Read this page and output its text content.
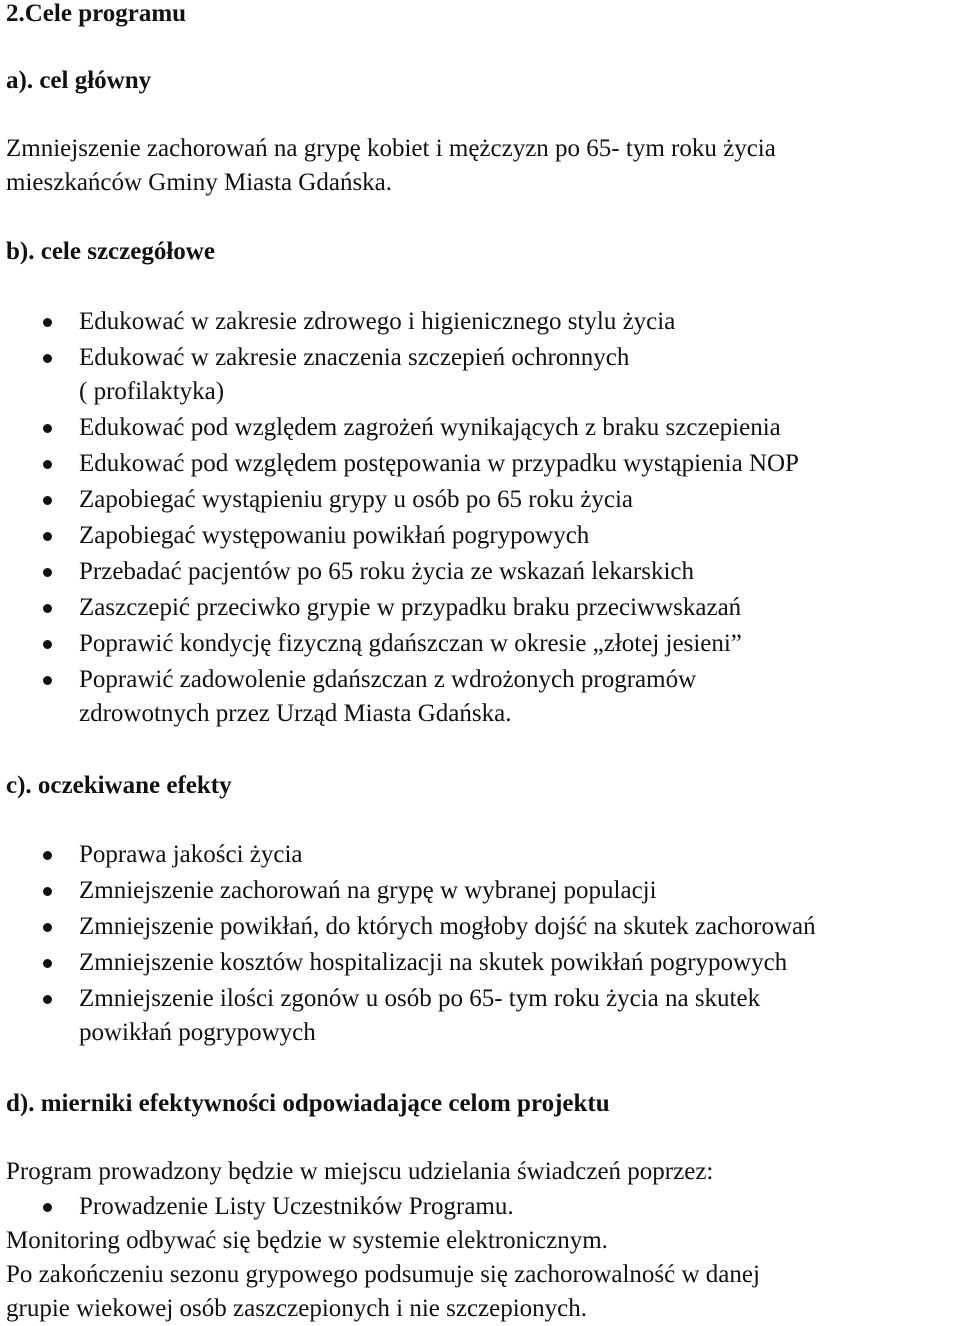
2.Cele programu
a). cel główny
Zmniejszenie zachorowań na grypę kobiet i mężczyzn po 65- tym roku życia
mieszkańców Gminy Miasta Gdańska.
b). cele szczegółowe
Edukować w zakresie zdrowego i higienicznego stylu życia
Edukować w zakresie znaczenia szczepień ochronnych
( profilaktyka)
Edukować pod względem zagrożeń wynikających z braku szczepienia
Edukować pod względem postępowania w przypadku wystąpienia NOP
Zapobiegać wystąpieniu grypy u osób po 65 roku życia
Zapobiegać występowaniu powikłań pogrypowych
Przebadać pacjentów po 65 roku życia ze wskazań lekarskich
Zaszczepić przeciwko grypie w przypadku braku przeciwwskazań
Poprawić kondycję fizyczną gdańszczan w okresie „złotej jesieni”
Poprawić zadowolenie gdańszczan z wdrożonych programów
zdrowotnych przez Urząd Miasta Gdańska.
c). oczekiwane efekty
Poprawa jakości życia
Zmniejszenie zachorowań na grypę w wybranej populacji
Zmniejszenie powikłań, do których mogłoby dojść na skutek zachorowań
Zmniejszenie kosztów hospitalizacji na skutek powikłań pogrypowych
Zmniejszenie ilości zgonów u osób po 65- tym roku życia na skutek
powikłań pogrypowych
d). mierniki efektywności odpowiadające celom projektu
Program prowadzony będzie w miejscu udzielania świadczeń poprzez:
Prowadzenie Listy Uczestników Programu.
Monitoring odbywać się będzie w systemie elektronicznym.
Po zakończeniu sezonu grypowego podsumuje się zachorowalność w danej
grupie wiekowej osób zaszczepionych i nie szczepionych.
